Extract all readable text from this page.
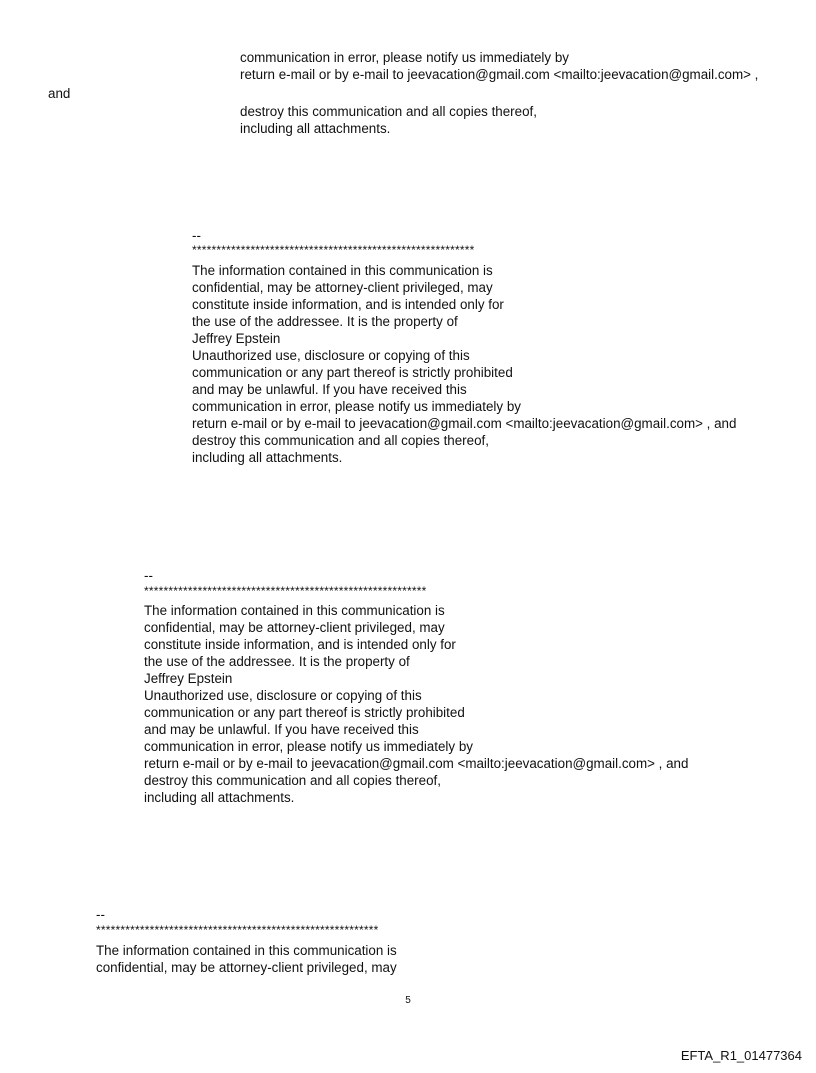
communication in error, please notify us immediately by
return e-mail or by e-mail to jeevacation@gmail.com <mailto:jeevacation@gmail.com> ,
and
destroy this communication and all copies thereof,
including all attachments.
--
**********************************************************
The information contained in this communication is
confidential, may be attorney-client privileged, may
constitute inside information, and is intended only for
the use of the addressee. It is the property of
Jeffrey Epstein
Unauthorized use, disclosure or copying of this
communication or any part thereof is strictly prohibited
and may be unlawful. If you have received this
communication in error, please notify us immediately by
return e-mail or by e-mail to jeevacation@gmail.com <mailto:jeevacation@gmail.com> , and
destroy this communication and all copies thereof,
including all attachments.
--
**********************************************************
The information contained in this communication is
confidential, may be attorney-client privileged, may
constitute inside information, and is intended only for
the use of the addressee. It is the property of
Jeffrey Epstein
Unauthorized use, disclosure or copying of this
communication or any part thereof is strictly prohibited
and may be unlawful. If you have received this
communication in error, please notify us immediately by
return e-mail or by e-mail to jeevacation@gmail.com <mailto:jeevacation@gmail.com> , and
destroy this communication and all copies thereof,
including all attachments.
--
**********************************************************
The information contained in this communication is
confidential, may be attorney-client privileged, may
5
EFTA_R1_01477364
